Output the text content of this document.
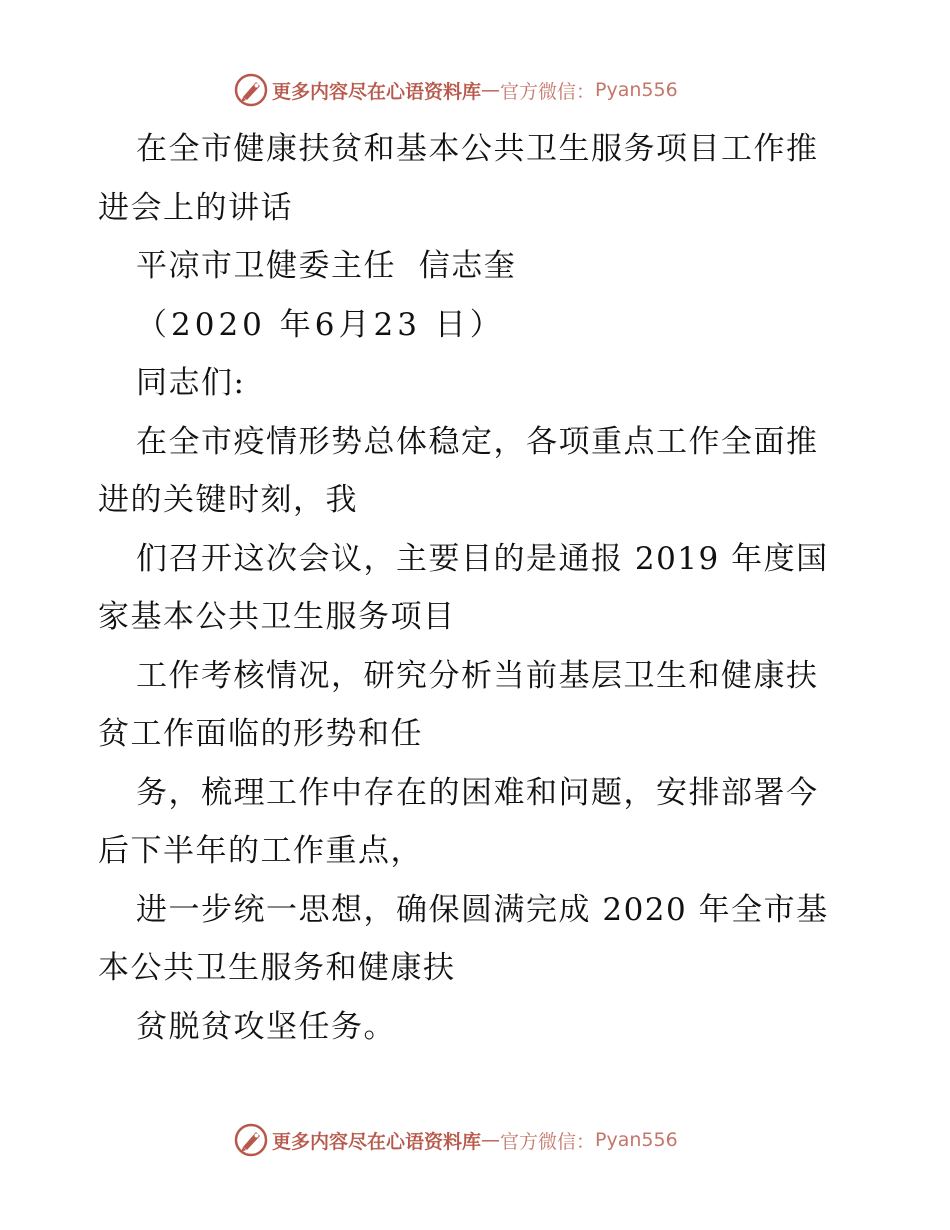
更多内容尽在心语资料库 — 官方微信： Pyan556
在全市健康扶贫和基本公共卫生服务项目工作推
进会上的讲话
平凉市卫健委主任  信志奎
（2020 年6月23 日）
同志们:
在全市疫情形势总体稳定，各项重点工作全面推
进的关键时刻，我
们召开这次会议，主要目的是通报 2019 年度国
家基本公共卫生服务项目
工作考核情况，研究分析当前基层卫生和健康扶
贫工作面临的形势和任
务，梳理工作中存在的困难和问题，安排部署今
后下半年的工作重点，
进一步统一思想，确保圆满完成 2020 年全市基
本公共卫生服务和健康扶
贫脱贫攻坚任务。
更多内容尽在心语资料库 — 官方微信： Pyan556
